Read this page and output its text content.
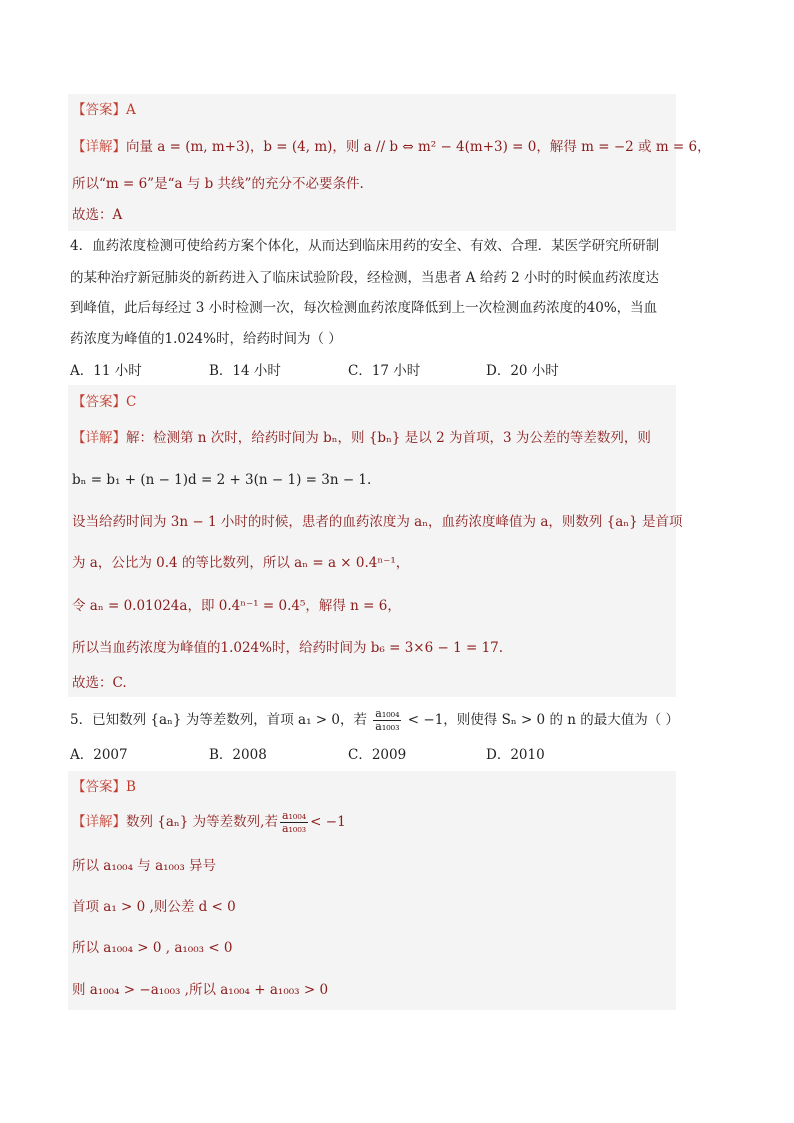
【答案】A
【详解】向量 a = (m, m+3)，b = (4, m)，则 a // b ⇔ m² − 4(m+3) = 0，解得 m = −2 或 m = 6，
所以“m = 6”是“a 与 b 共线”的充分不必要条件.
故选：A
4．血药浓度检测可使给药方案个体化，从而达到临床用药的安全、有效、合理．某医学研究所研制
的某种治疗新冠肺炎的新药进入了临床试验阶段，经检测，当患者 A 给药 2 小时的时候血药浓度达
到峰值，此后每经过 3 小时检测一次，每次检测血药浓度降低到上一次检测血药浓度的40%，当血
药浓度为峰值的1.024%时，给药时间为（ ）
A．11 小时	B．14 小时	C．17 小时	D．20 小时
【答案】C
【详解】解：检测第 n 次时，给药时间为 bₙ，则 {bₙ} 是以 2 为首项，3 为公差的等差数列，则
bₙ = b₁ + (n − 1)d = 2 + 3(n − 1) = 3n − 1.
设当给药时间为 3n − 1 小时的时候，患者的血药浓度为 aₙ，血药浓度峰值为 a，则数列 {aₙ} 是首项
为 a，公比为 0.4 的等比数列，所以 aₙ = a × 0.4ⁿ⁻¹，
令 aₙ = 0.01024a，即 0.4ⁿ⁻¹ = 0.4⁵，解得 n = 6，
所以当血药浓度为峰值的1.024%时，给药时间为 b₆ = 3×6 − 1 = 17.
故选：C.
5．已知数列 {aₙ} 为等差数列，首项 a₁ > 0，若 $\frac{\text{a₁₀₀₄}}{\text{a₁₀₀₃}} < -1$，则使得 Sₙ > 0 的 n 的最大值为（ ）
A．2007	B．2008	C．2009	D．2010
【答案】B
【详解】数列 {aₙ} 为等差数列,若 $\frac{\text{a₁₀₀₄}}{\text{a₁₀₀₃}} < -1$
所以 a₁₀₀₄ 与 a₁₀₀₃ 异号
首项 a₁ > 0 ,则公差 d < 0
所以 a₁₀₀₄ > 0 , a₁₀₀₃ < 0
则 a₁₀₀₄ > −a₁₀₀₃ ,所以 a₁₀₀₄ + a₁₀₀₃ > 0
